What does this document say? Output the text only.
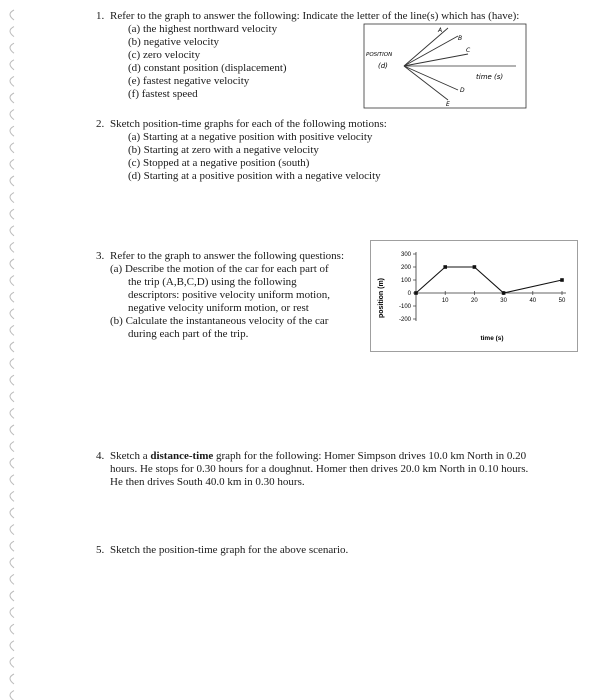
1. Refer to the graph to answer the following: Indicate the letter of the line(s) which has (have):
(a) the highest northward velocity
(b) negative velocity
(c) zero velocity
(d) constant position (displacement)
(e) fastest negative velocity
(f) fastest speed
POSITION
(d)
time (s)
A
B
C
D
E
2. Sketch position-time graphs for each of the following motions:
(a) Starting at a negative position with positive velocity
(b) Starting at zero with a negative velocity
(c) Stopped at a negative position (south)
(d) Starting at a positive position with a negative velocity
3. Refer to the graph to answer the following questions:
(a) Describe the motion of the car for each part of
the trip (A,B,C,D) using the following
descriptors: positive velocity uniform motion,
negative velocity uniform motion, or rest
(b) Calculate the instantaneous velocity of the car
during each part of the trip.
position (m)
time (s)
300
200
100
0
-100
-200
10	20	30	40	50
4. Sketch a distance-time graph for the following: Homer Simpson drives 10.0 km North in 0.20
hours. He stops for 0.30 hours for a doughnut. Homer then drives 20.0 km North in 0.10 hours.
He then drives South 40.0 km in 0.30 hours.
5. Sketch the position-time graph for the above scenario.
